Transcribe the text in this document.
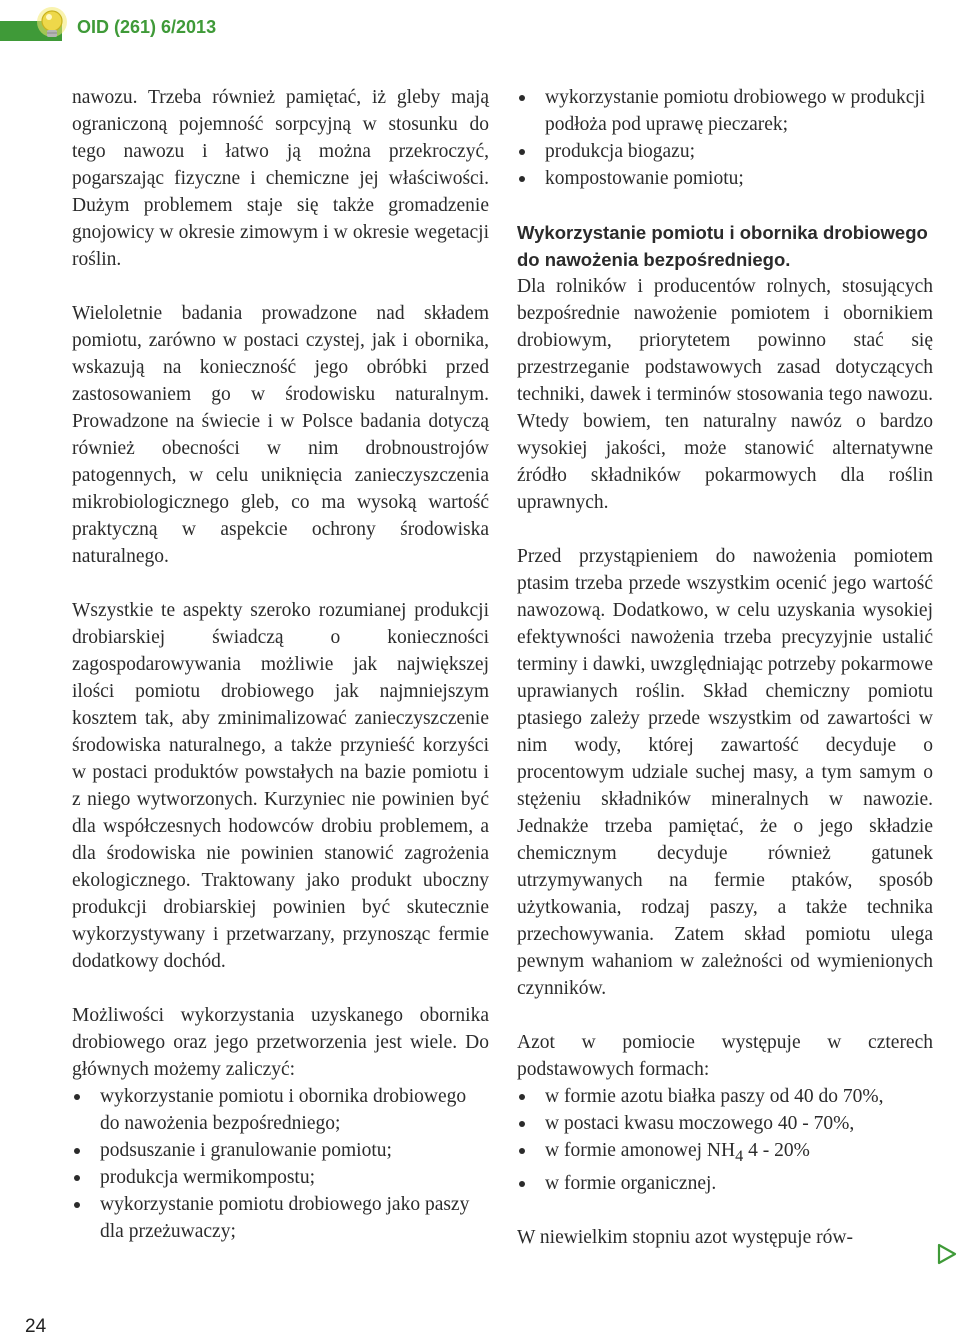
OID (261) 6/2013

nawozu. Trzeba również pamiętać, iż gleby mają ograniczoną pojemność sorpcyjną w stosunku do tego nawozu i łatwo ją można przekroczyć, pogarszając fizyczne i chemiczne jej właściwości. Dużym problemem staje się także gromadzenie gnojowicy w okresie zimowym i w okresie wegetacji roślin.

Wieloletnie badania prowadzone nad składem pomiotu, zarówno w postaci czystej, jak i obornika, wskazują na konieczność jego obróbki przed zastosowaniem go w środowisku naturalnym. Prowadzone na świecie i w Polsce badania dotyczą również obecności w nim drobnoustrojów patogennych, w celu uniknięcia zanieczyszczenia mikrobiologicznego gleb, co ma wysoką wartość praktyczną w aspekcie ochrony środowiska naturalnego.

Wszystkie te aspekty szeroko rozumianej produkcji drobiarskiej świadczą o konieczności zagospodarowywania możliwie jak największej ilości pomiotu drobiowego jak najmniejszym kosztem tak, aby zminimalizować zanieczyszczenie środowiska naturalnego, a także przynieść korzyści w postaci produktów powstałych na bazie pomiotu i z niego wytworzonych. Kurzyniec nie powinien być dla współczesnych hodowców drobiu problemem, a dla środowiska nie powinien stanowić zagrożenia ekologicznego. Traktowany jako produkt uboczny produkcji drobiarskiej powinien być skutecznie wykorzystywany i przetwarzany, przynosząc fermie dodatkowy dochód.

Możliwości wykorzystania uzyskanego obornika drobiowego oraz jego przetworzenia jest wiele. Do głównych możemy zaliczyć:

wykorzystanie pomiotu i obornika drobiowego do nawożenia bezpośredniego;
podsuszanie i granulowanie pomiotu;
produkcja wermikompostu;
wykorzystanie pomiotu drobiowego jako paszy dla przeżuwaczy;
wykorzystanie pomiotu drobiowego w produkcji podłoża pod uprawę pieczarek;
produkcja biogazu;
kompostowanie pomiotu;
Wykorzystanie pomiotu i obornika drobiowego do nawożenia bezpośredniego.

Dla rolników i producentów rolnych, stosujących bezpośrednie nawożenie pomiotem i obornikiem drobiowym, priorytetem powinno stać się przestrzeganie podstawowych zasad dotyczących techniki, dawek i terminów stosowania tego nawozu. Wtedy bowiem, ten naturalny nawóz o bardzo wysokiej jakości, może stanowić alternatywne źródło składników pokarmowych dla roślin uprawnych.

Przed przystąpieniem do nawożenia pomiotem ptasim trzeba przede wszystkim ocenić jego wartość nawozową. Dodatkowo, w celu uzyskania wysokiej efektywności nawożenia trzeba precyzyjnie ustalić terminy i dawki, uwzględniając potrzeby pokarmowe uprawianych roślin. Skład chemiczny pomiotu ptasiego zależy przede wszystkim od zawartości w nim wody, której zawartość decyduje o procentowym udziale suchej masy, a tym samym o stężeniu składników mineralnych w nawozie. Jednakże trzeba pamiętać, że o jego składzie chemicznym decyduje również gatunek utrzymywanych na fermie ptaków, sposób użytkowania, rodzaj paszy, a także technika przechowywania. Zatem skład pomiotu ulega pewnym wahaniom w zależności od wymienionych czynników.

Azot w pomiocie występuje w czterech podstawowych formach:

w formie azotu białka paszy od 40 do 70%,
w postaci kwasu moczowego 40 - 70%,
w formie amonowej $NH_4$ 4 - 20%
w formie organicznej.

W niewielkim stopniu azot występuje rów-

24
